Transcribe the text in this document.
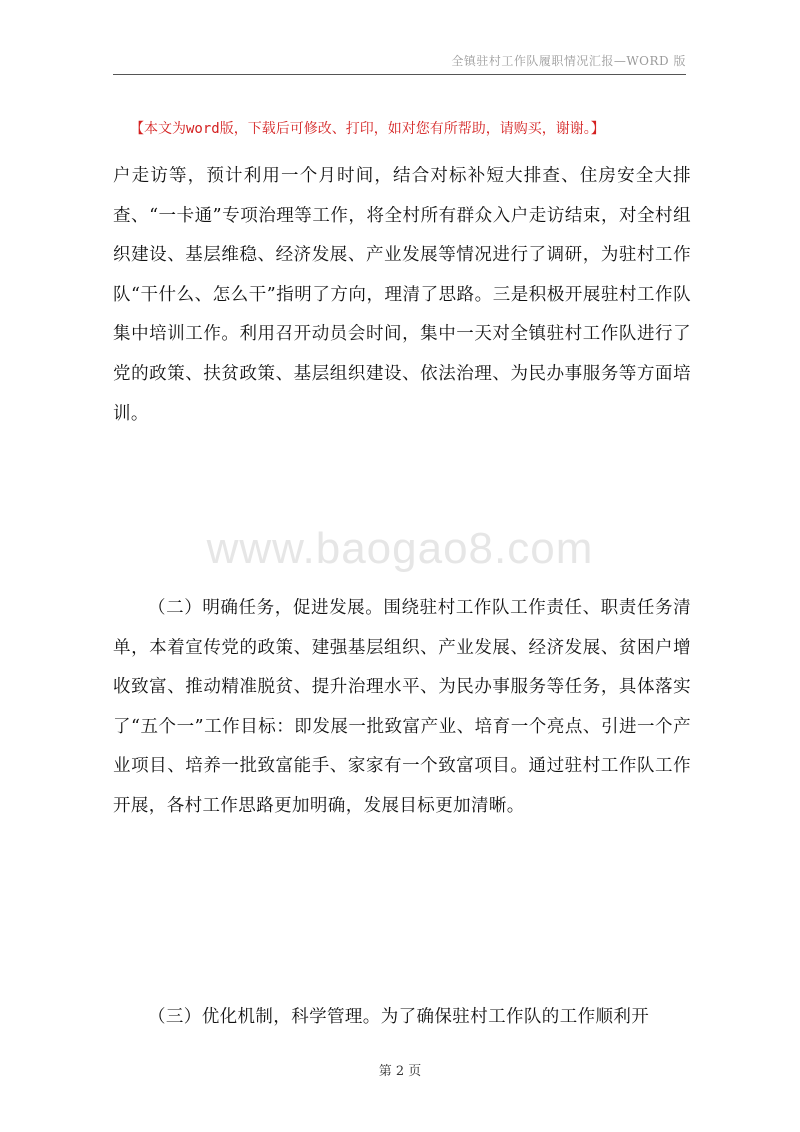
全镇驻村工作队履职情况汇报—WORD 版
【本文为word版，下载后可修改、打印，如对您有所帮助，请购买，谢谢。】

户走访等，预计利用一个月时间，结合对标补短大排查、住房安全大排查、“一卡通”专项治理等工作，将全村所有群众入户走访结束，对全村组织建设、基层维稳、经济发展、产业发展等情况进行了调研，为驻村工作队“干什么、怎么干”指明了方向，理清了思路。三是积极开展驻村工作队集中培训工作。利用召开动员会时间，集中一天对全镇驻村工作队进行了党的政策、扶贫政策、基层组织建设、依法治理、为民办事服务等方面培训。

www.baogao8.com

（二）明确任务，促进发展。围绕驻村工作队工作责任、职责任务清单，本着宣传党的政策、建强基层组织、产业发展、经济发展、贫困户增收致富、推动精准脱贫、提升治理水平、为民办事服务等任务，具体落实了“五个一”工作目标：即发展一批致富产业、培育一个亮点、引进一个产业项目、培养一批致富能手、家家有一个致富项目。通过驻村工作队工作开展，各村工作思路更加明确，发展目标更加清晰。

（三）优化机制，科学管理。为了确保驻村工作队的工作顺利开

第 2 页
